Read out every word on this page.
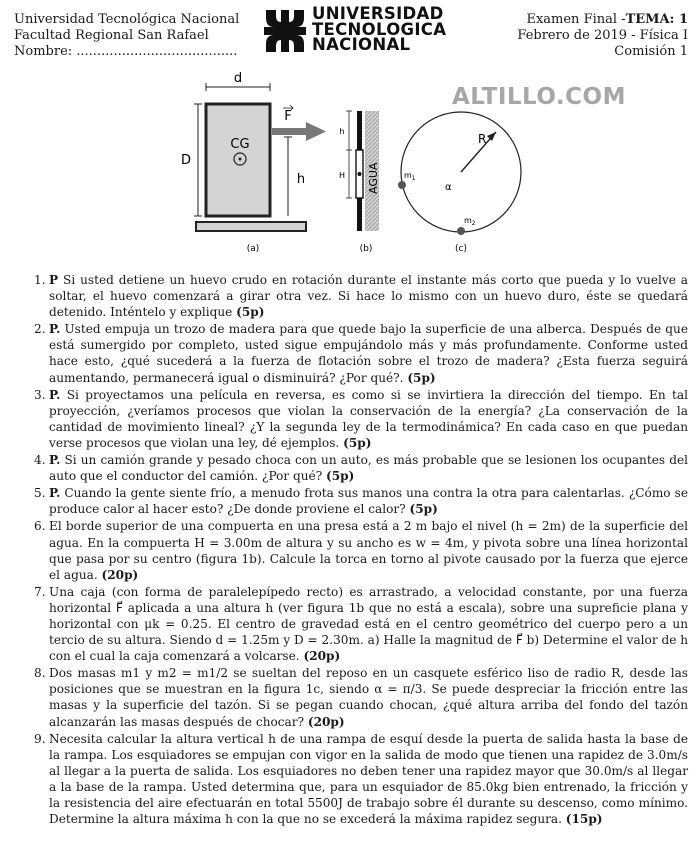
Universidad Tecnológica Nacional
Facultad Regional San Rafael
Nombre: .......................................
UNIVERSIDAD
TECNOLOGICA
NACIONAL
Examen Final -TEMA: 1
Febrero de 2019 - Física I
Comisión 1
ALTILLO.COM
d
D
CG
F
h
(a)
AGUA
h
H
(b)
R
α
$m_1$
$m_2$
(c)
1. P Si usted detiene un huevo crudo en rotación durante el instante más corto que pueda y lo vuelve a soltar, el huevo comenzará a girar otra vez. Si hace lo mismo con un huevo duro, éste se quedará detenido. Inténtelo y explique (5p)
2. P. Usted empuja un trozo de madera para que quede bajo la superficie de una alberca. Después de que está sumergido por completo, usted sigue empujándolo más y más profundamente. Conforme usted hace esto, ¿qué sucederá a la fuerza de flotación sobre el trozo de madera? ¿Esta fuerza seguirá aumentando, permanecerá igual o disminuirá? ¿Por qué?. (5p)
3. P. Si proyectamos una película en reversa, es como si se invirtiera la dirección del tiempo. En tal proyección, ¿veríamos procesos que violan la conservación de la energía? ¿La conservación de la cantidad de movimiento lineal? ¿Y la segunda ley de la termodinámica? En cada caso en que puedan verse procesos que violan una ley, dé ejemplos. (5p)
4. P. Si un camión grande y pesado choca con un auto, es más probable que se lesionen los ocupantes del auto que el conductor del camión. ¿Por qué? (5p)
5. P. Cuando la gente siente frío, a menudo frota sus manos una contra la otra para calentarlas. ¿Cómo se produce calor al hacer esto? ¿De donde proviene el calor? (5p)
6. El borde superior de una compuerta en una presa está a 2 m bajo el nivel (h = 2m) de la superficie del agua. En la compuerta H = 3.00m de altura y su ancho es w = 4m, y pivota sobre una línea horizontal que pasa por su centro (figura 1b). Calcule la torca en torno al pivote causado por la fuerza que ejerce el agua. (20p)
7. Una caja (con forma de paralelepípedo recto) es arrastrado, a velocidad constante, por una fuerza horizontal F⃗ aplicada a una altura h (ver figura 1b que no está a escala), sobre una supreficie plana y horizontal con μk = 0.25. El centro de gravedad está en el centro geométrico del cuerpo pero a un tercio de su altura. Siendo d = 1.25m y D = 2.30m. a) Halle la magnitud de F⃗ b) Determine el valor de h con el cual la caja comenzará a volcarse. (20p)
8. Dos masas m1 y m2 = m1/2 se sueltan del reposo en un casquete esférico liso de radio R, desde las posiciones que se muestran en la figura 1c, siendo α = π/3. Se puede despreciar la fricción entre las masas y la superficie del tazón. Si se pegan cuando chocan, ¿qué altura arriba del fondo del tazón alcanzarán las masas después de chocar? (20p)
9. Necesita calcular la altura vertical h de una rampa de esquí desde la puerta de salida hasta la base de la rampa. Los esquiadores se empujan con vigor en la salida de modo que tienen una rapidez de 3.0m/s al llegar a la puerta de salida. Los esquiadores no deben tener una rapidez mayor que 30.0m/s al llegar a la base de la rampa. Usted determina que, para un esquiador de 85.0kg bien entrenado, la fricción y la resistencia del aire efectuarán en total 5500J de trabajo sobre él durante su descenso, como mínimo. Determine la altura máxima h con la que no se excederá la máxima rapidez segura. (15p)
